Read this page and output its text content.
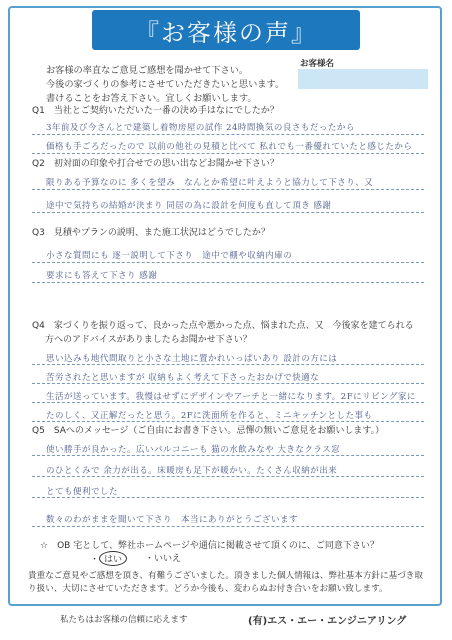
『お客様の声』
お客様の率直なご意見ご感想を聞かせて下さい。
今後の家づくりの参考にさせていただきたいと思います。
書けることをお答え下さい。宜しくお願いします。
お客様名
Q1　 当社とご契約いただいた一番の決め手はなにでしたか？
3年前及び今さんとで建築し着物房屋の試作 24時間換気の良さもだったから
価格も手ごろだったので 以前の他社の見積と比べて 私れでも一番優れていたと感じたから
Q2　 初対面の印象や打合せでの思い出などお聞かせ下さい？
限りある予算なのに 多くを望み　なんとか希望に叶えようと協力して下さり、又
途中で気持ちの結婚が決まり 同居の為に設計を何度も直して頂き 感謝
Q3　 見積やプランの説明、また施工状況はどうでしたか？
小さな質問にも 逐一説明して下さり　途中で棚や収納内庫の
要求にも答えて下さり 感謝
Q4　 家づくりを振り返って、良かった点や悪かった点、悩まれた点、又　今後家を建てられる
方へのアドバイスがありましたらお聞かせ下さい？
思い込みも地代間取りと小さな土地に置かれいっぱいあり 設計の方には
苦労されたと思いますが 収納もよく考えて下さったおかげで快適な
生活が送っています。我慢はせずにデザインやアーチと一緒になります。2Fにリビング家に
たのしく、又正解だったと思う。2Fに洗面所を作ると、ミニキッチンとした事も
Q5　 SAへのメッセージ（ご自由にお書き下さい。忌憚の無いご意見をお願いします。）
使い勝手が良かった。広いパルコニーも 猫の水飲みなや 大きなクラス窓
のひとくみで 余力が出る。床暖房も足下が暖かい。たくさん収納が出来
とても便利でした
数々のわがままを聞いて下さり　本当にありがとうございます
☆　OB 宅として、弊社ホームページや通信に掲載させて頂くのに、ご同意下さい？
・ はい	・いいえ
貴重なご意見やご感想を頂き、有難うございました。頂きました個人情報は、弊社基本方針に基づき取り扱い、大切にさせていただきます。どうか今後も、変わらぬお付き合いをお願い致します。
私たちはお客様の信頼に応えます	(有)エス・エー・エンジニアリング
